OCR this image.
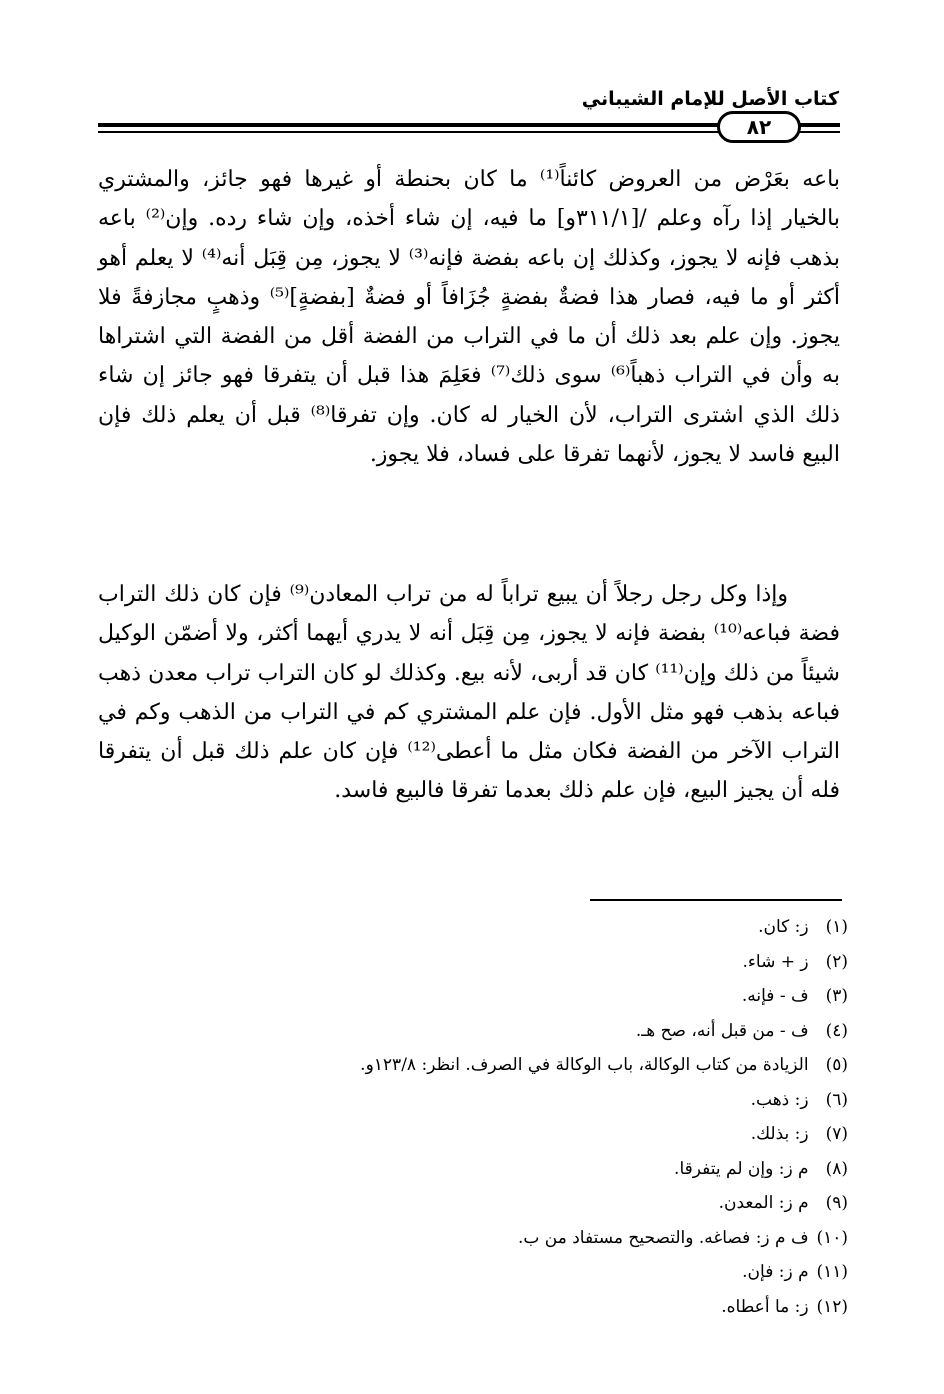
كتاب الأصل للإمام الشيباني
٨٢

باعه بعَرْض من العروض كائناً⁽¹⁾ ما كان بحنطة أو غيرها فهو جائز، والمشتري بالخيار إذا رآه وعلم /[٣١١/١و] ما فيه، إن شاء أخذه، وإن شاء رده. وإن⁽²⁾ باعه بذهب فإنه لا يجوز، وكذلك إن باعه بفضة فإنه⁽³⁾ لا يجوز، مِن قِبَل أنه⁽⁴⁾ لا يعلم أهو أكثر أو ما فيه، فصار هذا فضةٌ بفضةٍ جُزَافاً أو فضةٌ [بفضةٍ]⁽⁵⁾ وذهبٍ مجازفةً فلا يجوز. وإن علم بعد ذلك أن ما في التراب من الفضة أقل من الفضة التي اشتراها به وأن في التراب ذهباً⁽⁶⁾ سوى ذلك⁽⁷⁾ فعَلِمَ هذا قبل أن يتفرقا فهو جائز إن شاء ذلك الذي اشترى التراب، لأن الخيار له كان. وإن تفرقا⁽⁸⁾ قبل أن يعلم ذلك فإن البيع فاسد لا يجوز، لأنهما تفرقا على فساد، فلا يجوز.

وإذا وكل رجل رجلاً أن يبيع تراباً له من تراب المعادن⁽⁹⁾ فإن كان ذلك التراب فضة فباعه⁽¹⁰⁾ بفضة فإنه لا يجوز، مِن قِبَل أنه لا يدري أيهما أكثر، ولا أضمّن الوكيل شيئاً من ذلك وإن⁽¹¹⁾ كان قد أربى، لأنه بيع. وكذلك لو كان التراب تراب معدن ذهب فباعه بذهب فهو مثل الأول. فإن علم المشتري كم في التراب من الذهب وكم في التراب الآخر من الفضة فكان مثل ما أعطى⁽¹²⁾ فإن كان علم ذلك قبل أن يتفرقا فله أن يجيز البيع، فإن علم ذلك بعدما تفرقا فالبيع فاسد.

(١) ز: كان.
(٢) ز + شاء.
(٣) ف - فإنه.
(٤) ف - من قبل أنه، صح هـ.
(٥) الزيادة من كتاب الوكالة، باب الوكالة في الصرف. انظر: ١٢٣/٨و.
(٦) ز: ذهب.
(٧) ز: بذلك.
(٨) م ز: وإن لم يتفرقا.
(٩) م ز: المعدن.
(١٠) ف م ز: فصاغه. والتصحيح مستفاد من ب.
(١١) م ز: فإن.
(١٢) ز: ما أعطاه.
